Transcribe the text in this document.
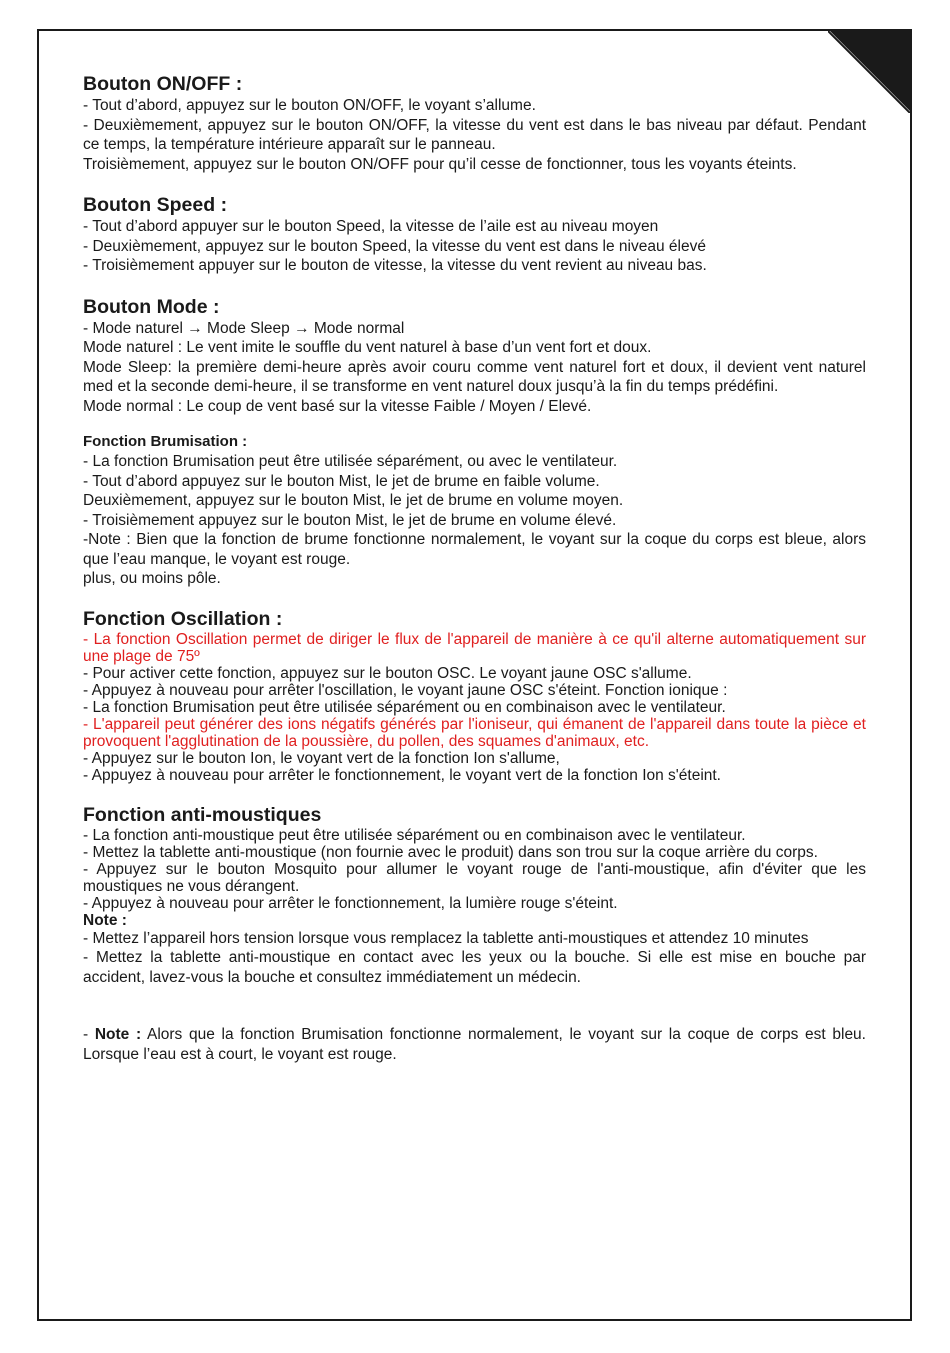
Bouton ON/OFF :

- Tout d’abord, appuyez sur le bouton ON/OFF, le voyant s’allume.

- Deuxièmement, appuyez sur le bouton ON/OFF, la vitesse du vent est dans le bas niveau par défaut. Pendant ce temps, la température intérieure apparaît sur le panneau.

Troisièmement, appuyez sur le bouton ON/OFF pour qu’il cesse de fonctionner, tous les voyants éteints.

Bouton Speed :

- Tout d’abord appuyer sur le bouton Speed, la vitesse de l’aile est au niveau moyen

- Deuxièmement, appuyez sur le bouton Speed, la vitesse du vent est dans le niveau élevé

- Troisièmement appuyer sur le bouton de vitesse, la vitesse du vent revient au niveau bas.

Bouton Mode :

- Mode naturel → Mode Sleep → Mode normal

Mode naturel : Le vent imite le souffle du vent naturel à base d’un vent fort et doux.

Mode Sleep: la première demi-heure après avoir couru comme vent naturel fort et doux, il devient vent naturel med et la seconde demi-heure, il se transforme en vent naturel doux jusqu’à la fin du temps prédéfini.

Mode normal : Le coup de vent basé sur la vitesse Faible / Moyen / Elevé.

Fonction Brumisation :

- La fonction Brumisation peut être utilisée séparément, ou avec le ventilateur.

- Tout d’abord appuyez sur le bouton Mist, le jet de brume en faible volume.

Deuxièmement, appuyez sur le bouton Mist, le jet de brume en volume moyen.

- Troisièmement appuyez sur le bouton Mist, le jet de brume en volume élevé.

-Note : Bien que la fonction de brume fonctionne normalement, le voyant sur la coque du corps est bleue, alors que l’eau manque, le voyant est rouge.

plus, ou moins pôle.

Fonction Oscillation :

- La fonction Oscillation permet de diriger le flux de l'appareil de manière à ce qu'il alterne automatiquement sur une plage de 75º

- Pour activer cette fonction, appuyez sur le bouton OSC. Le voyant jaune OSC s'allume.

- Appuyez à nouveau pour arrêter l'oscillation, le voyant jaune OSC s'éteint. Fonction ionique :

- La fonction Brumisation peut être utilisée séparément ou en combinaison avec le ventilateur.

- L'appareil peut générer des ions négatifs générés par l'ioniseur, qui émanent de l'appareil dans toute la pièce et provoquent l'agglutination de la poussière, du pollen, des squames d'animaux, etc.

- Appuyez sur le bouton Ion, le voyant vert de la fonction Ion s'allume,

- Appuyez à nouveau pour arrêter le fonctionnement, le voyant vert de la fonction Ion s'éteint.

Fonction anti-moustiques

- La fonction anti-moustique peut être utilisée séparément ou en combinaison avec le ventilateur.

- Mettez la tablette anti-moustique (non fournie avec le produit) dans son trou sur la coque arrière du corps.

- Appuyez sur le bouton Mosquito pour allumer le voyant rouge de l'anti-moustique, afin d'éviter que les moustiques ne vous dérangent.

- Appuyez à nouveau pour arrêter le fonctionnement, la lumière rouge s'éteint.

Note :

- Mettez l’appareil hors tension lorsque vous remplacez la tablette anti-moustiques et attendez 10 minutes

- Mettez la tablette anti-moustique en contact avec les yeux ou la bouche. Si elle est mise en bouche par accident, lavez-vous la bouche et consultez immédiatement un médecin.

- Note : Alors que la fonction Brumisation fonctionne normalement, le voyant sur la coque de corps est bleu. Lorsque l’eau est à court, le voyant est rouge.
